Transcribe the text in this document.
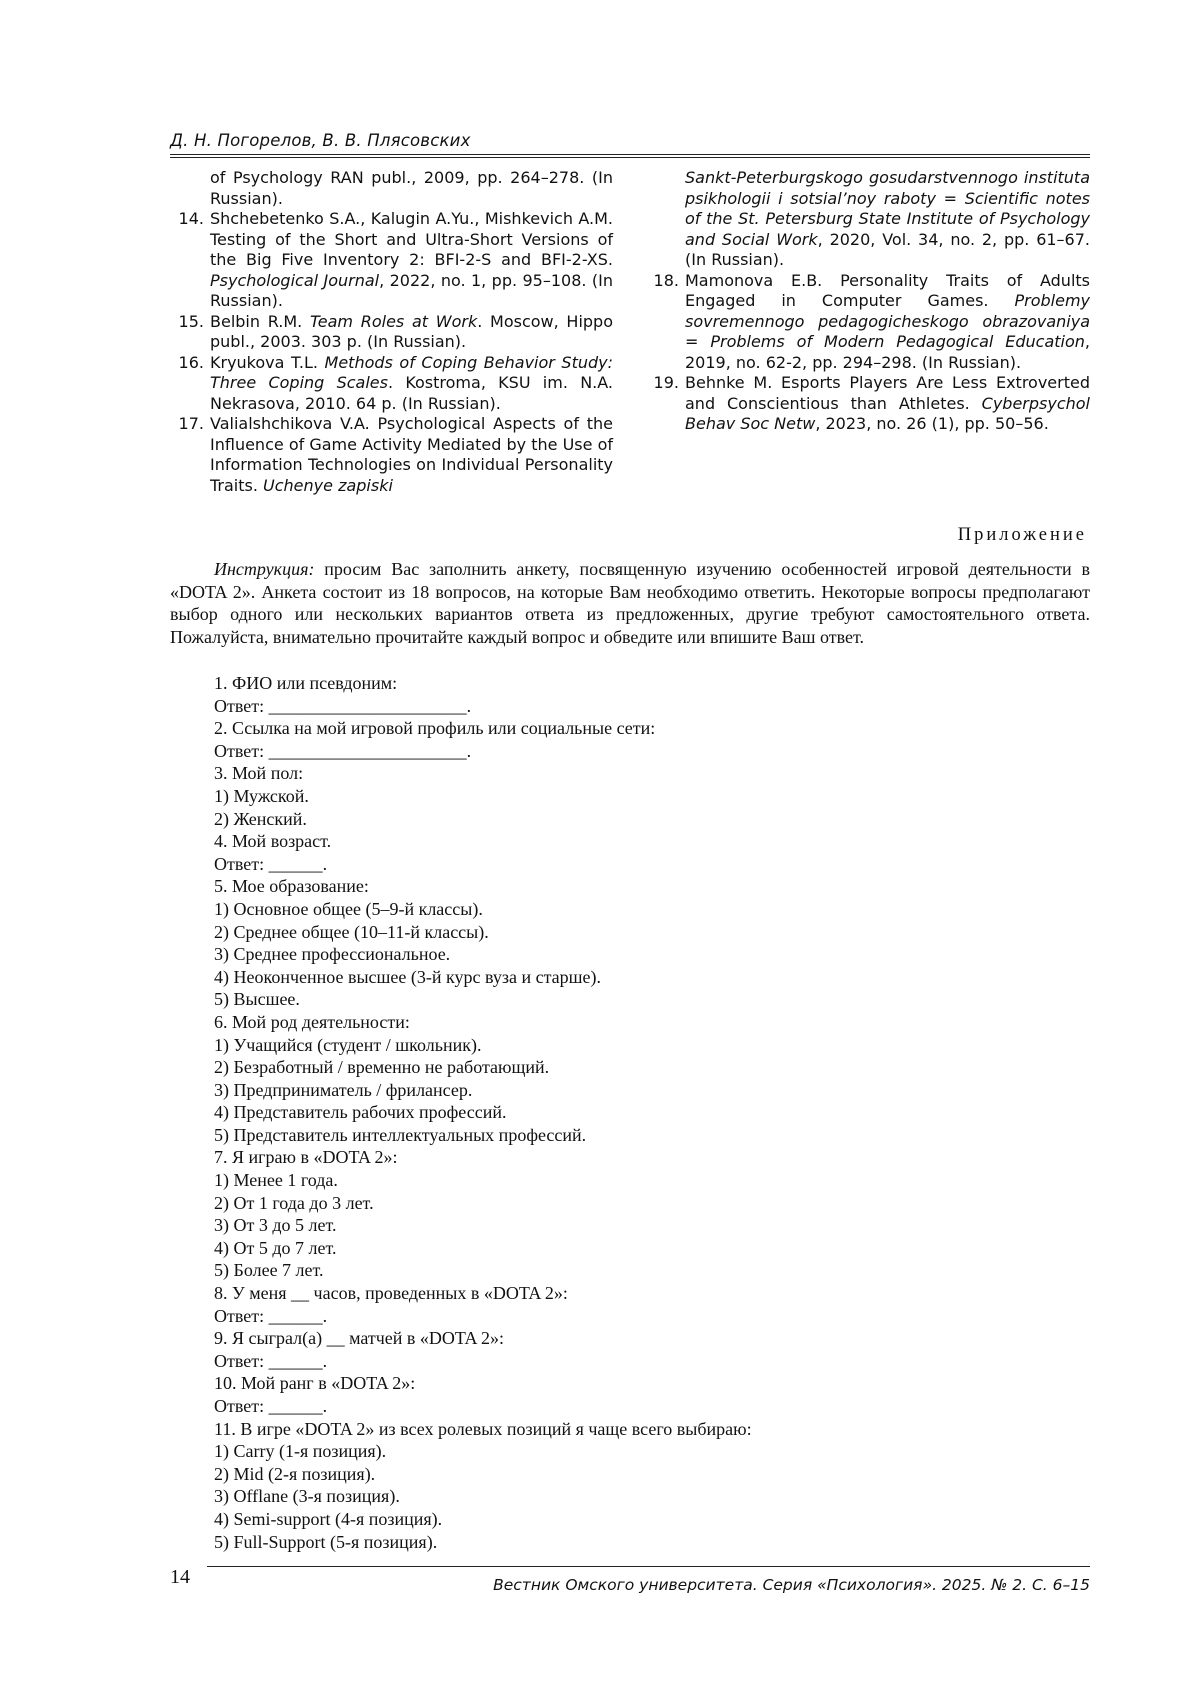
Д. Н. Погорелов, В. В. Плясовских
of Psychology RAN publ., 2009, pp. 264–278. (In Russian).
14. Shchebetenko S.A., Kalugin A.Yu., Mishkevich A.M. Testing of the Short and Ultra-Short Versions of the Big Five Inventory 2: BFI-2-S and BFI-2-XS. Psychological Journal, 2022, no. 1, pp. 95–108. (In Russian).
15. Belbin R.M. Team Roles at Work. Moscow, Hippo publ., 2003. 303 p. (In Russian).
16. Kryukova T.L. Methods of Coping Behavior Study: Three Coping Scales. Kostroma, KSU im. N.A. Nekrasova, 2010. 64 p. (In Russian).
17. Valialshchikova V.A. Psychological Aspects of the Influence of Game Activity Mediated by the Use of Information Technologies on Individual Personality Traits. Uchenye zapiski
Sankt-Peterburgskogo gosudarstvennogo instituta psikhologii i sotsial’noy raboty = Scientific notes of the St. Petersburg State Institute of Psychology and Social Work, 2020, Vol. 34, no. 2, pp. 61–67. (In Russian).
18. Mamonova E.B. Personality Traits of Adults Engaged in Computer Games. Problemy sovremennogo pedagogicheskogo obrazovaniya = Problems of Modern Pedagogical Education, 2019, no. 62-2, pp. 294–298. (In Russian).
19. Behnke M. Esports Players Are Less Extroverted and Conscientious than Athletes. Cyberpsychol Behav Soc Netw, 2023, no. 26 (1), pp. 50–56.
Приложение

Инструкция: просим Вас заполнить анкету, посвященную изучению особенностей игровой деятельности в «DOTA 2». Анкета состоит из 18 вопросов, на которые Вам необходимо ответить. Некоторые вопросы предполагают выбор одного или нескольких вариантов ответа из предложенных, другие требуют самостоятельного ответа. Пожалуйста, внимательно прочитайте каждый вопрос и обведите или впишите Ваш ответ.

1. ФИО или псевдоним:
Ответ: ______________________.
2. Ссылка на мой игровой профиль или социальные сети:
Ответ: ______________________.
3. Мой пол:
1) Мужской.
2) Женский.
4. Мой возраст.
Ответ: ______.
5. Мое образование:
1) Основное общее (5–9-й классы).
2) Среднее общее (10–11-й классы).
3) Среднее профессиональное.
4) Неоконченное высшее (3-й курс вуза и старше).
5) Высшее.
6. Мой род деятельности:
1) Учащийся (студент / школьник).
2) Безработный / временно не работающий.
3) Предприниматель / фрилансер.
4) Представитель рабочих профессий.
5) Представитель интеллектуальных профессий.
7. Я играю в «DOTA 2»:
1) Менее 1 года.
2) От 1 года до 3 лет.
3) От 3 до 5 лет.
4) От 5 до 7 лет.
5) Более 7 лет.
8. У меня __ часов, проведенных в «DOTA 2»:
Ответ: ______.
9. Я сыграл(а) __ матчей в «DOTA 2»:
Ответ: ______.
10. Мой ранг в «DOTA 2»:
Ответ: ______.
11. В игре «DOTA 2» из всех ролевых позиций я чаще всего выбираю:
1) Carry (1-я позиция).
2) Mid (2-я позиция).
3) Offlane (3-я позиция).
4) Semi-support (4-я позиция).
5) Full-Support (5-я позиция).
14	Вестник Омского университета. Серия «Психология». 2025. № 2. С. 6–15
